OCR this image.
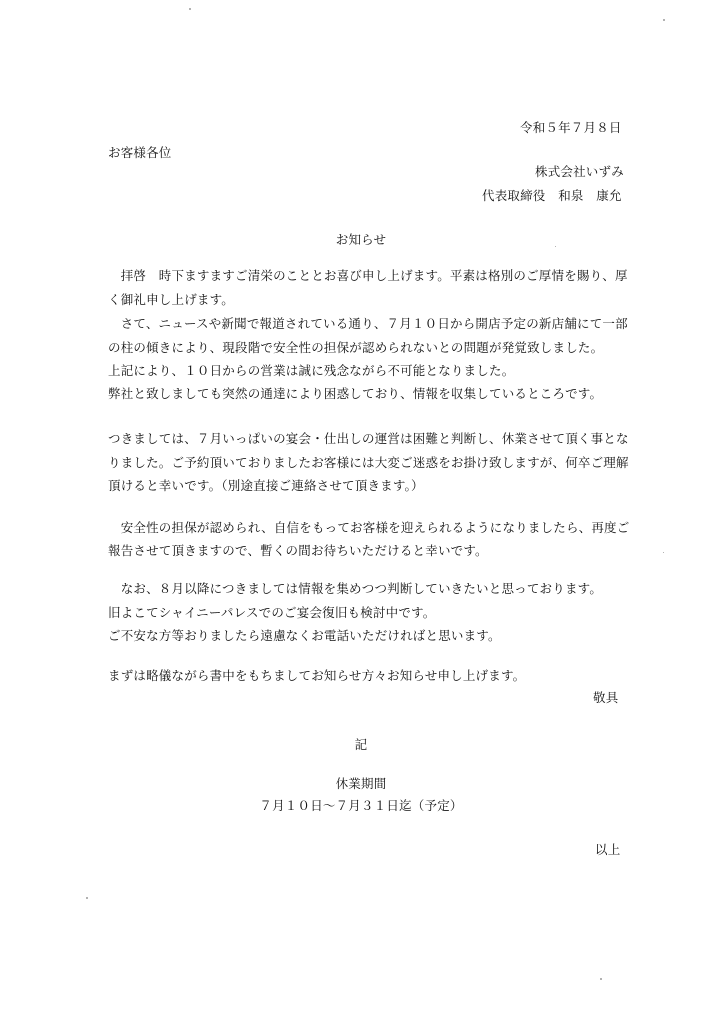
令和５年７月８日
お客様各位
株式会社いずみ
代表取締役　和泉　康允
お知らせ
　拝啓　時下ますますご清栄のこととお喜び申し上げます。平素は格別のご厚情を賜り、厚
く御礼申し上げます。
　さて、ニュースや新聞で報道されている通り、７月１０日から開店予定の新店舗にて一部
の柱の傾きにより、現段階で安全性の担保が認められないとの問題が発覚致しました。
上記により、１０日からの営業は誠に残念ながら不可能となりました。
弊社と致しましても突然の通達により困惑しており、情報を収集しているところです。
つきましては、７月いっぱいの宴会・仕出しの運営は困難と判断し、休業させて頂く事とな
りました。ご予約頂いておりましたお客様には大変ご迷惑をお掛け致しますが、何卒ご理解
頂けると幸いです。（別途直接ご連絡させて頂きます。）
　安全性の担保が認められ、自信をもってお客様を迎えられるようになりましたら、再度ご
報告させて頂きますので、暫くの間お待ちいただけると幸いです。
　なお、８月以降につきましては情報を集めつつ判断していきたいと思っております。
旧よこてシャイニーパレスでのご宴会復旧も検討中です。
ご不安な方等おりましたら遠慮なくお電話いただければと思います。
まずは略儀ながら書中をもちましてお知らせ方々お知らせ申し上げます。
敬具
記
休業期間
７月１０日～７月３１日迄（予定）
以上
